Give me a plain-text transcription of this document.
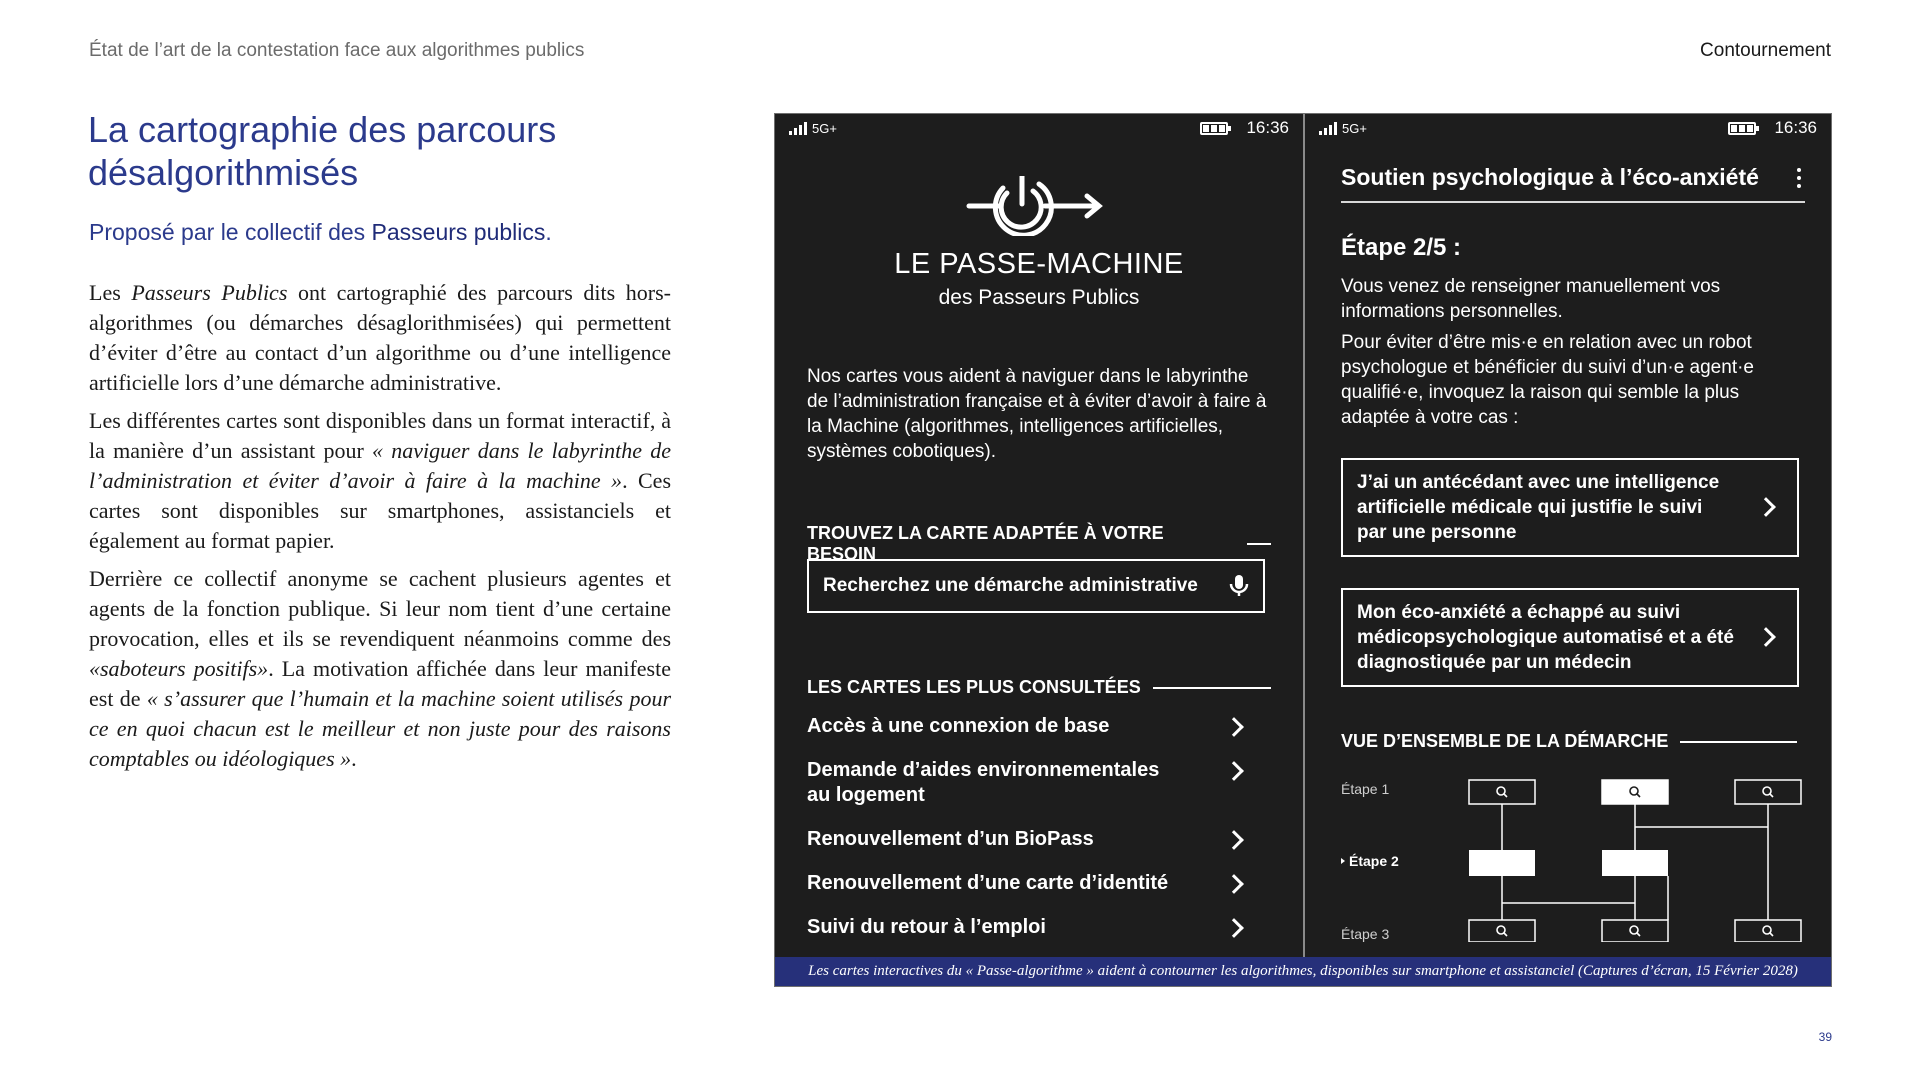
État de l’art de la contestation face aux algorithmes publics	Contournement
La cartographie des parcours désalgorithmisés
Proposé par le collectif des Passeurs publics.

Les Passeurs Publics ont cartographié des parcours dits hors-algorithmes (ou démarches désaglorithmisées) qui permettent d’éviter d’être au contact d’un algorithme ou d’une intelligence artificielle lors d’une démarche administrative.

Les différentes cartes sont disponibles dans un format interactif, à la manière d’un assistant pour « naviguer dans le labyrinthe de l’administration et éviter d’avoir à faire à la machine ». Ces cartes sont disponibles sur smartphones, assistanciels et également au format papier.

Derrière ce collectif anonyme se cachent plusieurs agentes et agents de la fonction publique. Si leur nom tient d’une certaine provocation, elles et ils se revendiquent néanmoins comme des «saboteurs positifs». La motivation affichée dans leur manifeste est de « s’assurer que l’humain et la machine soient utilisés pour ce en quoi chacun est le meilleur et non juste pour des raisons comptables ou idéologiques ».

5G+	16:36
LE PASSE-MACHINE
des Passeurs Publics
Nos cartes vous aident à naviguer dans le labyrinthe de l’administration française et à éviter d’avoir à faire à la Machine (algorithmes, intelligences artificielles, systèmes cobotiques).
TROUVEZ LA CARTE ADAPTÉE À VOTRE BESOIN
Recherchez une démarche administrative
LES CARTES LES PLUS CONSULTÉES
Accès à une connexion de base
Demande d’aides environnementales au logement
Renouvellement d’un BioPass
Renouvellement d’une carte d’identité
Suivi du retour à l’emploi
5G+	16:36
Soutien psychologique à l’éco-anxiété
Étape 2/5 :

Vous venez de renseigner manuellement vos informations personnelles.

Pour éviter d’être mis·e en relation avec un robot psychologue et bénéficier du suivi d’un·e agent·e qualifié·e, invoquez la raison qui semble la plus adaptée à votre cas :

J’ai un antécédant avec une intelligence artificielle médicale qui justifie le suivi par une personne
Mon éco-anxiété a échappé au suivi médicopsychologique automatisé et a été diagnostiquée par un médecin
VUE D’ENSEMBLE DE LA DÉMARCHE
Étape 1
Étape 3
Étape 2
Les cartes interactives du « Passe-algorithme » aident à contourner les algorithmes, disponibles sur smartphone et assistanciel (Captures d’écran, 15 Février 2028)
39
